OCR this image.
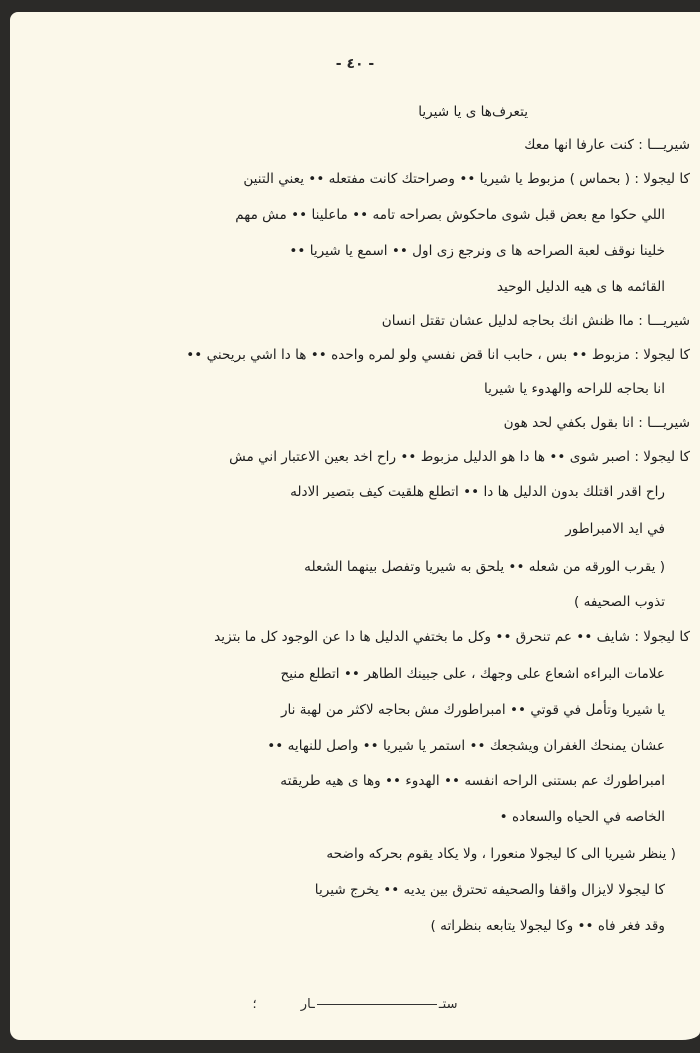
- ٤٠ -
يتعرف‌ها ى يا شيريا
شيريـــا : كنت عارفا انها معك
كا ليجولا : ( بحماس ) مزبوط يا شيريا •• وصراحتك كانت مفتعله •• يعني التنين
اللي حكوا مع بعض قبل شوى ماحكوش بصراحه تامه •• ماعلينا •• مش مهم
خلينا نوقف لعبة الصراحه ها ى ونرجع زى اول •• اسمع يا شيريا ••
القائمه ها ى هيه الدليل الوحيد
شيريـــا : ماا ظنش انك بحاجه لدليل عشان تقتل انسان
كا ليجولا : مزبوط •• بس ، حابب انا قض نفسي ولو لمره واحده •• ها دا اشي بريحني ••
انا بحاجه للراحه والهدوء يا شيريا
شيريـــا : انا بقول بكفي لحد هون
كا ليجولا : اصبر شوى •• ها دا هو الدليل مزبوط •• راح اخد بعين الاعتبار اني مش
راح اقدر اقتلك بدون الدليل ها دا •• اتطلع هلقيت كيف بتصير الادله
في ايد الامبراطور
( يقرب الورقه من شعله •• يلحق به شيريا وتفصل بينهما الشعله
تذوب الصحيفه )
كا ليجولا : شايف •• عم تنحرق •• وكل ما بختفي الدليل ها دا عن الوجود كل ما بتزيد
علامات البراءه اشعاع على وجهك ، على جبينك الطاهر •• اتطلع منيح
يا شيريا وتأمل في قوتي •• امبراطورك مش بحاجه لاكثر من لهبة نار
عشان يمنحك الغفران ويشجعك •• استمر يا شيريا •• واصل للنهايه ••
امبراطورك عم بستنى الراحه انفسه •• الهدوء •• وها ى هيه طريقته
الخاصه في الحياه والسعاده •
( ينظر شيريا الى كا ليجولا منعورا ، ولا يكاد يقوم بحركه واضحه
كا ليجولا لايزال واقفا والصحيفه تحترق بين يديه •• يخرج شيريا
وقد فغر فاه •• وكا ليجولا يتابعه بنظراته )
ستــار ؛
